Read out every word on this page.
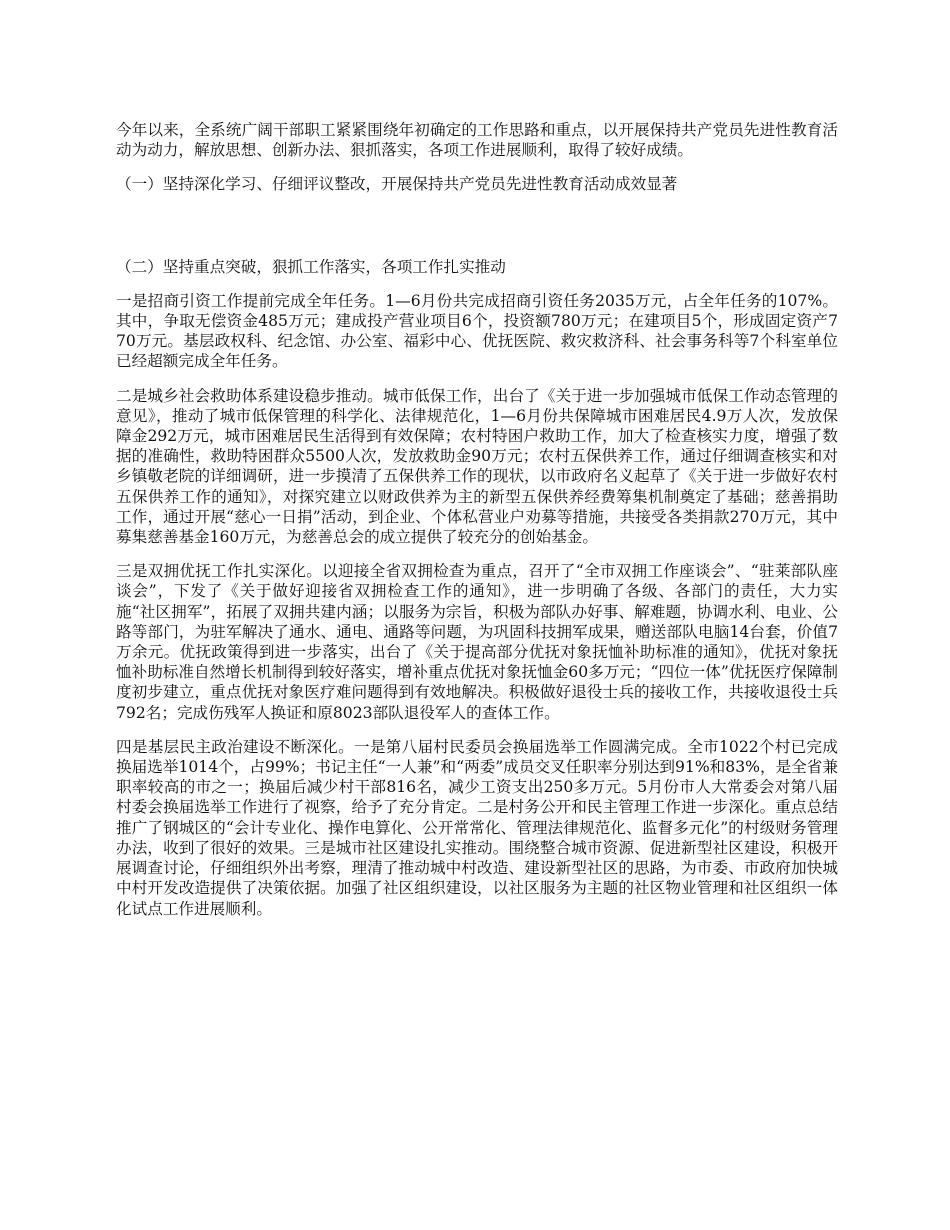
今年以来，全系统广阔干部职工紧紧围绕年初确定的工作思路和重点，以开展保持共产党员先进性教育活动为动力，解放思想、创新办法、狠抓落实，各项工作进展顺利，取得了较好成绩。

（一）坚持深化学习、仔细评议整改，开展保持共产党员先进性教育活动成效显著

（二）坚持重点突破，狠抓工作落实，各项工作扎实推动

一是招商引资工作提前完成全年任务。1—6月份共完成招商引资任务2035万元，占全年任务的107%。其中，争取无偿资金485万元；建成投产营业项目6个，投资额780万元；在建项目5个，形成固定资产770万元。基层政权科、纪念馆、办公室、福彩中心、优抚医院、救灾救济科、社会事务科等7个科室单位已经超额完成全年任务。

二是城乡社会救助体系建设稳步推动。城市低保工作，出台了《关于进一步加强城市低保工作动态管理的意见》，推动了城市低保管理的科学化、法律规范化，1—6月份共保障城市困难居民4.9万人次，发放保障金292万元，城市困难居民生活得到有效保障；农村特困户救助工作，加大了检查核实力度，增强了数据的准确性，救助特困群众5500人次，发放救助金90万元；农村五保供养工作，通过仔细调查核实和对乡镇敬老院的详细调研，进一步摸清了五保供养工作的现状，以市政府名义起草了《关于进一步做好农村五保供养工作的通知》，对探究建立以财政供养为主的新型五保供养经费筹集机制奠定了基础；慈善捐助工作，通过开展“慈心一日捐”活动，到企业、个体私营业户劝募等措施，共接受各类捐款270万元，其中募集慈善基金160万元，为慈善总会的成立提供了较充分的创始基金。

三是双拥优抚工作扎实深化。以迎接全省双拥检查为重点，召开了“全市双拥工作座谈会”、“驻莱部队座谈会”，下发了《关于做好迎接省双拥检查工作的通知》，进一步明确了各级、各部门的责任，大力实施“社区拥军”，拓展了双拥共建内涵；以服务为宗旨，积极为部队办好事、解难题，协调水利、电业、公路等部门，为驻军解决了通水、通电、通路等问题，为巩固科技拥军成果，赠送部队电脑14台套，价值7万余元。优抚政策得到进一步落实，出台了《关于提高部分优抚对象抚恤补助标准的通知》，优抚对象抚恤补助标准自然增长机制得到较好落实，增补重点优抚对象抚恤金60多万元；“四位一体”优抚医疗保障制度初步建立，重点优抚对象医疗难问题得到有效地解决。积极做好退役士兵的接收工作，共接收退役士兵792名；完成伤残军人换证和原8023部队退役军人的查体工作。

四是基层民主政治建设不断深化。一是第八届村民委员会换届选举工作圆满完成。全市1022个村已完成换届选举1014个，占99%；书记主任“一人兼”和“两委”成员交叉任职率分别达到91%和83%，是全省兼职率较高的市之一；换届后减少村干部816名，减少工资支出250多万元。5月份市人大常委会对第八届村委会换届选举工作进行了视察，给予了充分肯定。二是村务公开和民主管理工作进一步深化。重点总结推广了钢城区的“会计专业化、操作电算化、公开常常化、管理法律规范化、监督多元化”的村级财务管理办法，收到了很好的效果。三是城市社区建设扎实推动。围绕整合城市资源、促进新型社区建设，积极开展调查讨论，仔细组织外出考察，理清了推动城中村改造、建设新型社区的思路，为市委、市政府加快城中村开发改造提供了决策依据。加强了社区组织建设，以社区服务为主题的社区物业管理和社区组织一体化试点工作进展顺利。
